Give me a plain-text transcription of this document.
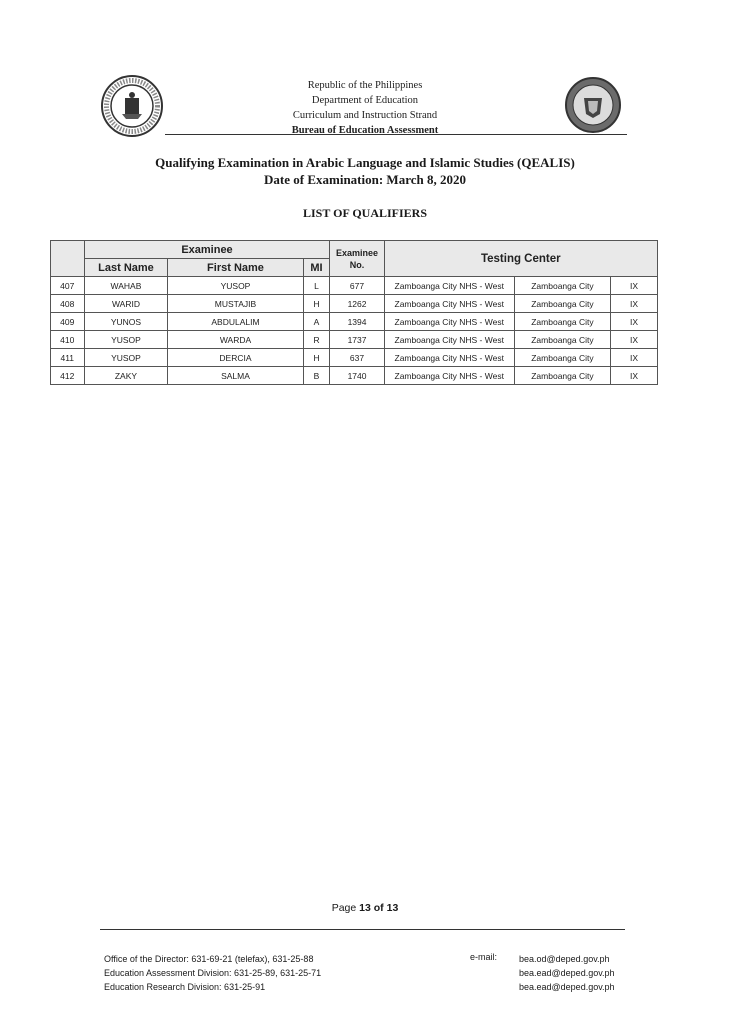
Republic of the Philippines
Department of Education
Curriculum and Instruction Strand
Bureau of Education Assessment
Qualifying Examination in Arabic Language and Islamic Studies (QEALIS)
Date of Examination: March 8, 2020
LIST OF QUALIFIERS
	Examinee			Examinee No.	Testing Center		
	Last Name	First Name	MI				
407	WAHAB	YUSOP	L	677	Zamboanga City NHS - West	Zamboanga City	IX
408	WARID	MUSTAJIB	H	1262	Zamboanga City NHS - West	Zamboanga City	IX
409	YUNOS	ABDULALIM	A	1394	Zamboanga City NHS - West	Zamboanga City	IX
410	YUSOP	WARDA	R	1737	Zamboanga City NHS - West	Zamboanga City	IX
411	YUSOP	DERCIA	H	637	Zamboanga City NHS - West	Zamboanga City	IX
412	ZAKY	SALMA	B	1740	Zamboanga City NHS - West	Zamboanga City	IX
Page 13 of 13
Office of the Director: 631-69-21 (telefax), 631-25-88
Education Assessment Division: 631-25-89, 631-25-71
Education Research Division: 631-25-91
e-mail: bea.od@deped.gov.ph
bea.ead@deped.gov.ph
bea.ead@deped.gov.ph
